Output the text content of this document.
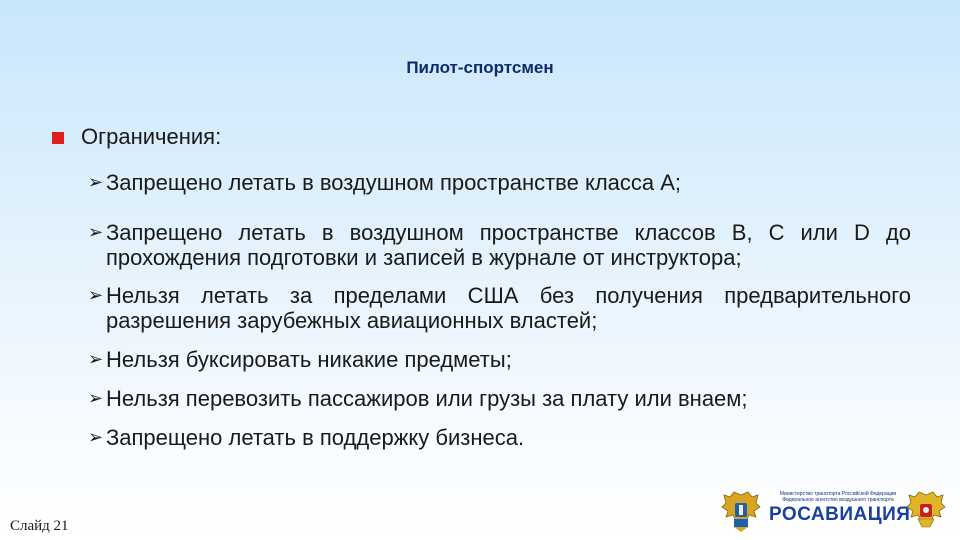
Пилот-спортсмен
Ограничения:
➢ Запрещено летать в воздушном пространстве класса А;
➢ Запрещено летать в воздушном пространстве классов B, C или D до прохождения подготовки и записей в журнале от инструктора;
➢ Нельзя летать за пределами США без получения предварительного разрешения зарубежных авиационных властей;
➢ Нельзя буксировать никакие предметы;
➢ Нельзя перевозить пассажиров или грузы за плату или внаем;
➢ Запрещено летать в поддержку бизнеса.
Слайд 21
Министерство транспорта Российской Федерации
Федеральное агентство воздушного транспорта
РОСАВИАЦИЯ
